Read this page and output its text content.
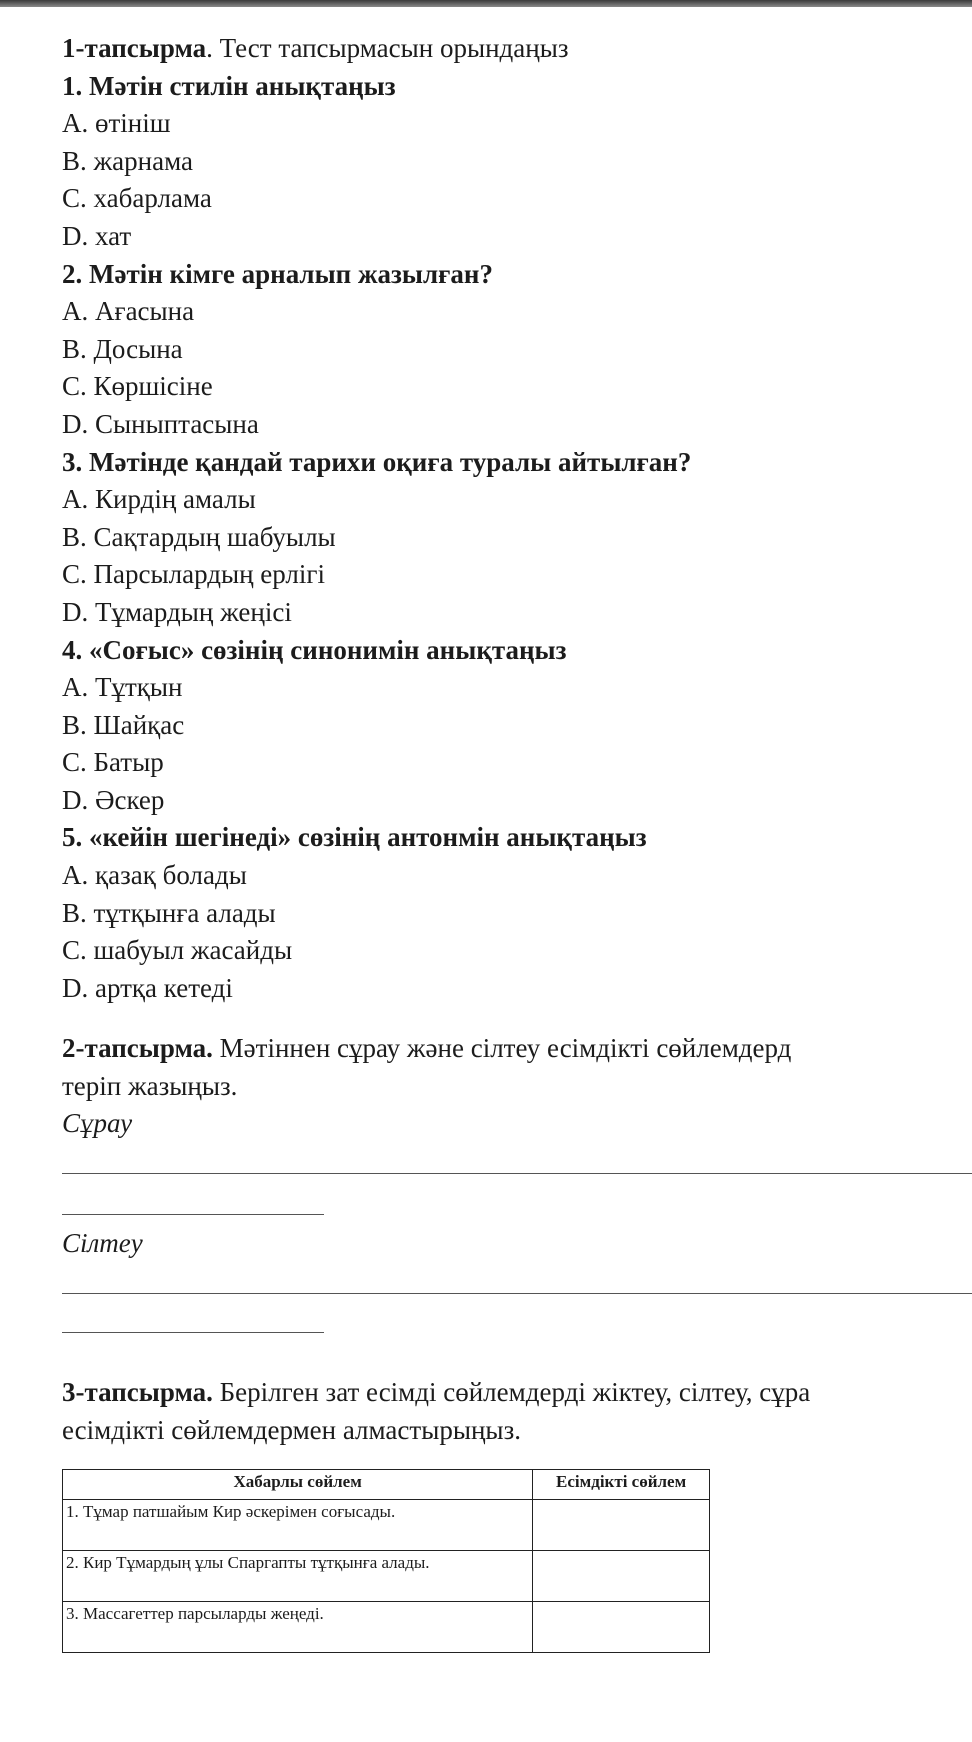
1-тапсырма. Тест тапсырмасын орындаңыз
1. Мәтін стилін анықтаңыз
A. өтініш
B. жарнама
C. хабарлама
D. хат
2. Мәтін кімге арналып жазылған?
A. Ағасына
B. Досына
C. Көршісіне
D. Сыныптасына
3. Мәтінде қандай тарихи оқиға туралы айтылған?
A. Кирдің амалы
B. Сақтардың шабуылы
C. Парсылардың ерлігі
D. Тұмардың жеңісі
4. «Соғыс» сөзінің синонимін анықтаңыз
A. Тұтқын
B. Шайқас
C. Батыр
D. Әскер
5. «кейін шегінеді» сөзінің антонмін анықтаңыз
A. қазақ болады
B. тұтқынға алады
C. шабуыл жасайды
D. артқа кетеді
2-тапсырма. Мәтіннен сұрау және сілтеу есімдікті сөйлемдерд
теріп жазыңыз.
Сұрау
Сілтеу
3-тапсырма. Берілген зат есімді сөйлемдерді жіктеу, сілтеу, сұра
есімдікті сөйлемдермен алмастырыңыз.
Хабарлы сөйлем	Есімдікті сөйлем
1. Тұмар патшайым Кир әскерімен соғысады.	
2. Кир Тұмардың ұлы Спаргапты тұтқынға алады.	
3. Массагеттер парсыларды жеңеді.	
